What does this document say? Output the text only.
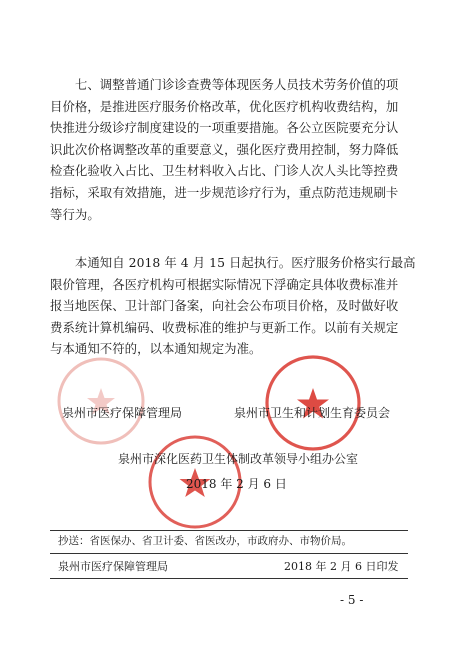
　　七、调整普通门诊诊查费等体现医务人员技术劳务价值的项
目价格，是推进医疗服务价格改革，优化医疗机构收费结构，加
快推进分级诊疗制度建设的一项重要措施。各公立医院要充分认
识此次价格调整改革的重要意义，强化医疗费用控制，努力降低
检查化验收入占比、卫生材料收入占比、门诊人次人头比等控费
指标，采取有效措施，进一步规范诊疗行为，重点防范违规刷卡
等行为。
　　本通知自 2018 年 4 月 15 日起执行。医疗服务价格实行最高
限价管理，各医疗机构可根据实际情况下浮确定具体收费标准并
报当地医保、卫计部门备案，向社会公布项目价格，及时做好收
费系统计算机编码、收费标准的维护与更新工作。以前有关规定
与本通知不符的，以本通知规定为准。
泉州市医疗保障管理局	泉州市卫生和计划生育委员会
泉州市深化医药卫生体制改革领导小组办公室
2018 年 2 月 6 日
抄送：省医保办、省卫计委、省医改办，市政府办、市物价局。
泉州市医疗保障管理局	2018 年 2 月 6 日印发
- 5 -
